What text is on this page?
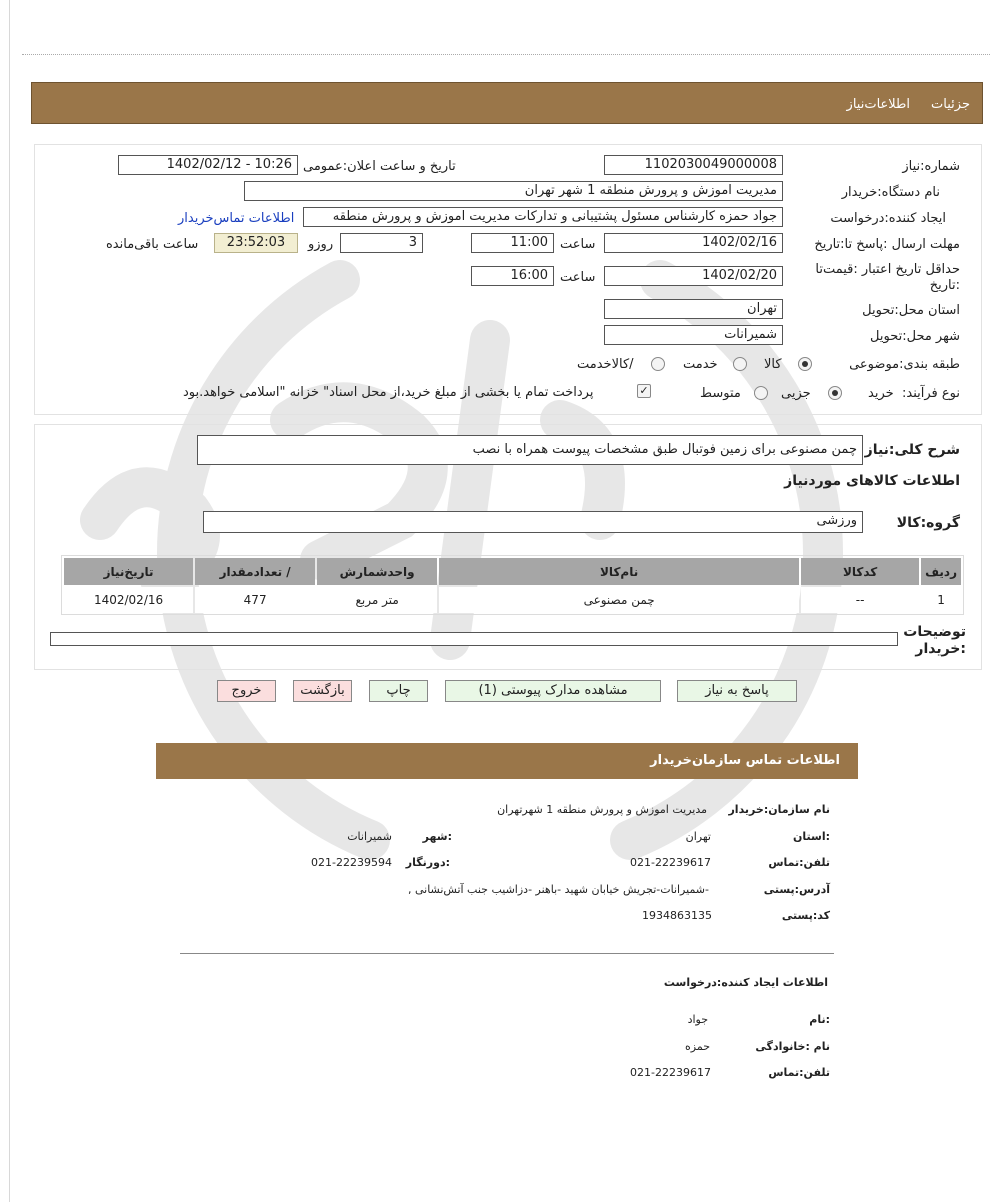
جزئیات
اطلاعات‌نیاز
شماره:نیاز
1102030049000008
تاریخ و ساعت اعلان:عمومی
1402/02/12 - 10:26
نام دستگاه:خریدار
مدیریت اموزش و پرورش منطقه 1 شهر تهران
ایجاد کننده:درخواست
جواد حمزه کارشناس مسئول پشتیبانی و تدارکات مدیریت اموزش و پرورش منطقه
اطلاعات تماس‌خریدار
مهلت ارسال :پاسخ تا:تاریخ
1402/02/16
ساعت
11:00
3
روزو
23:52:03
ساعت باقی‌مانده
حداقل تاریخ اعتبار :قیمت‌تا
:تاریخ
1402/02/20
ساعت
16:00
استان محل:تحویل
تهران
شهر محل:تحویل
شمیرانات
طبقه بندی:موضوعی
کالا
خدمت
/کالاخدمت
نوع فرآیند:
خرید
جزیی
متوسط
✓
پرداخت تمام یا بخشی از مبلغ خرید،از محل اسناد" خزانه "اسلامی خواهد.بود
شرح کلی:نیاز
چمن مصنوعی برای زمین فوتبال طبق مشخصات پیوست همراه با نصب
اطلاعات کالاهای موردنیاز
گروه:کالا
ورزشی
ردیف	کدکالا	نام‌کالا	واحدشمارش	/ تعدادمقدار	تاریخ‌نیاز
1	--	چمن مصنوعی	متر مربع	477	1402/02/16
توضیحات
:خریدار
پاسخ به نیاز
مشاهده مدارک پیوستی (1)
چاپ
بازگشت
خروج
اطلاعات تماس سازمان‌خریدار
نام سازمان:خریدار
مدیریت اموزش و پرورش منطقه 1 شهرتهران
:استان
تهران
:شهر
شمیرانات
تلفن:تماس
021-22239617
:دورنگار
021-22239594
آدرس:پستی
-شمیرانات-تجریش خیابان شهید -باهنر -دزاشیب جنب آتش‌نشانی ,
کد:پستی
1934863135
اطلاعات ایجاد کننده:درخواست
:نام
جواد
نام :خانوادگی
حمزه
تلفن:تماس
021-22239617
